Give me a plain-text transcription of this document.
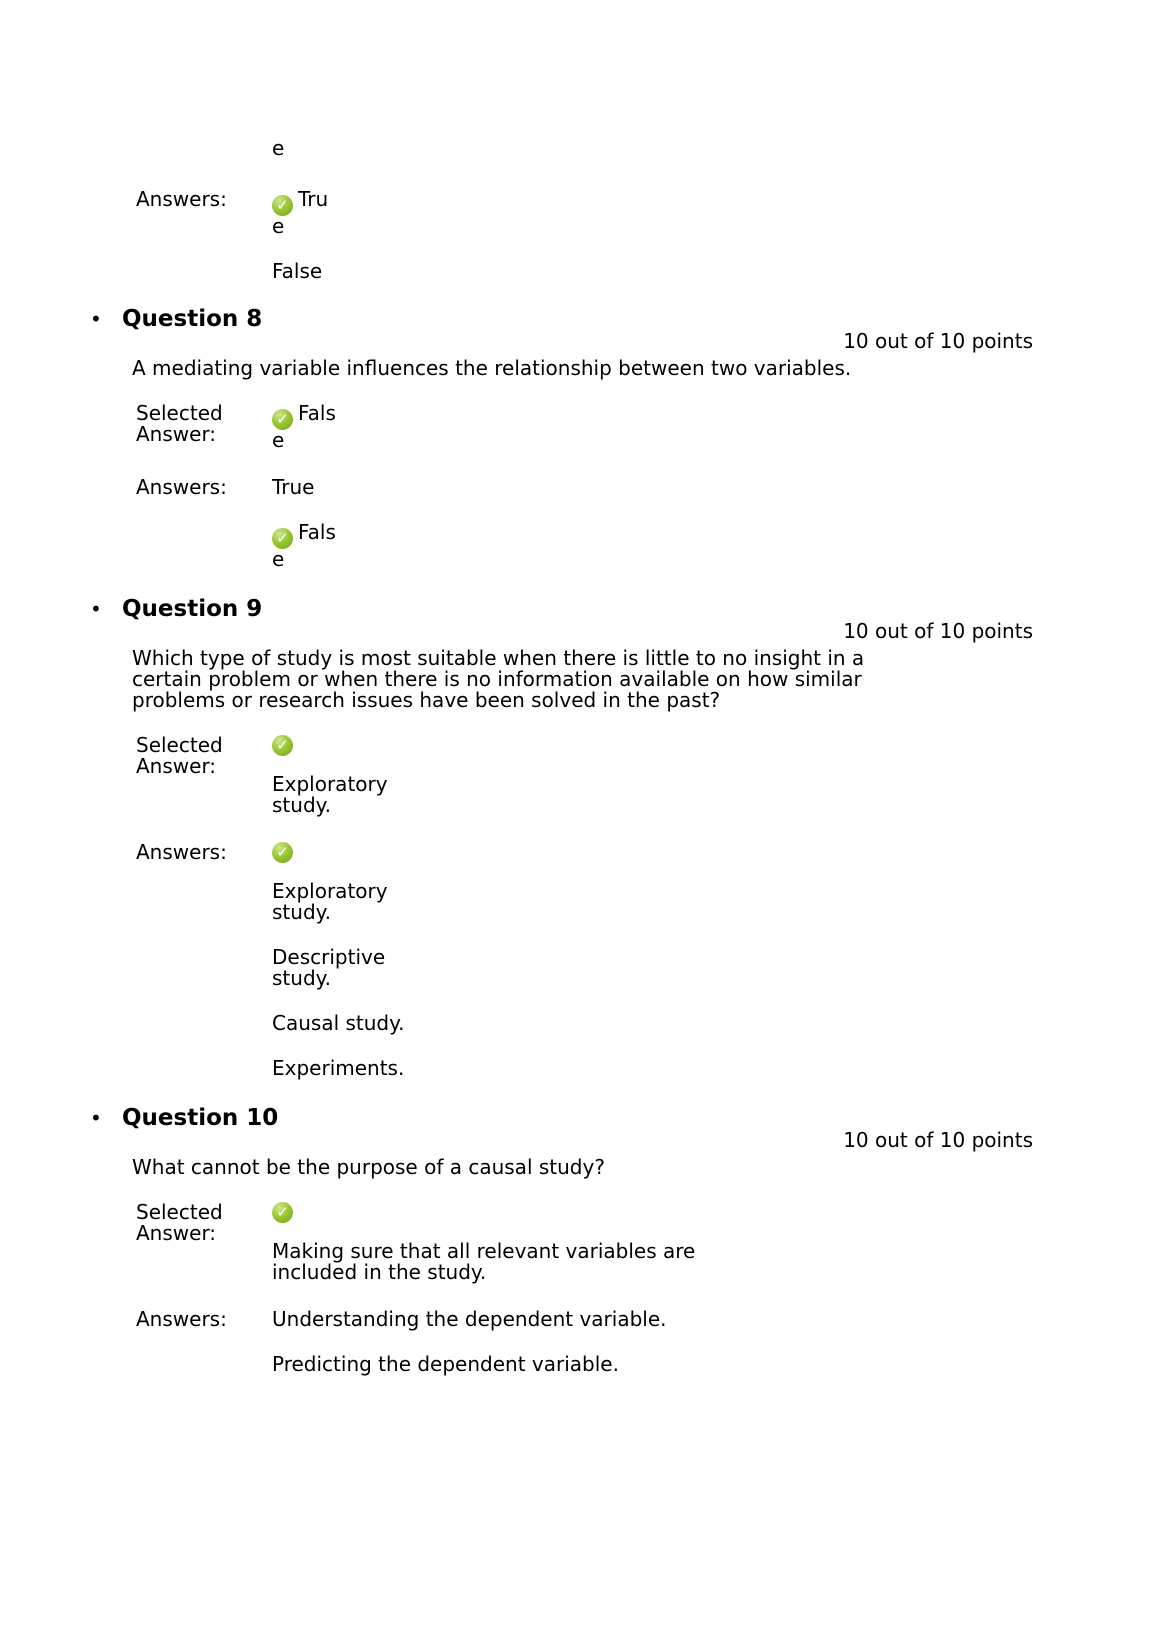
e
Answers:	✓ True
False
• Question 8
10 out of 10 points
A mediating variable influences the relationship between two variables.
Selected Answer:
✓ False
Answers:	True
✓ False
• Question 9
10 out of 10 points
Which type of study is most suitable when there is little to no insight in a certain problem or when there is no information available on how similar problems or research issues have been solved in the past?
Selected Answer:
✓
Exploratory study.
Answers:	✓
Exploratory study.
Descriptive study.
Causal study.
Experiments.
• Question 10
10 out of 10 points
What cannot be the purpose of a causal study?
Selected Answer:
✓
Making sure that all relevant variables are included in the study.
Answers:	Understanding the dependent variable.
Predicting the dependent variable.
